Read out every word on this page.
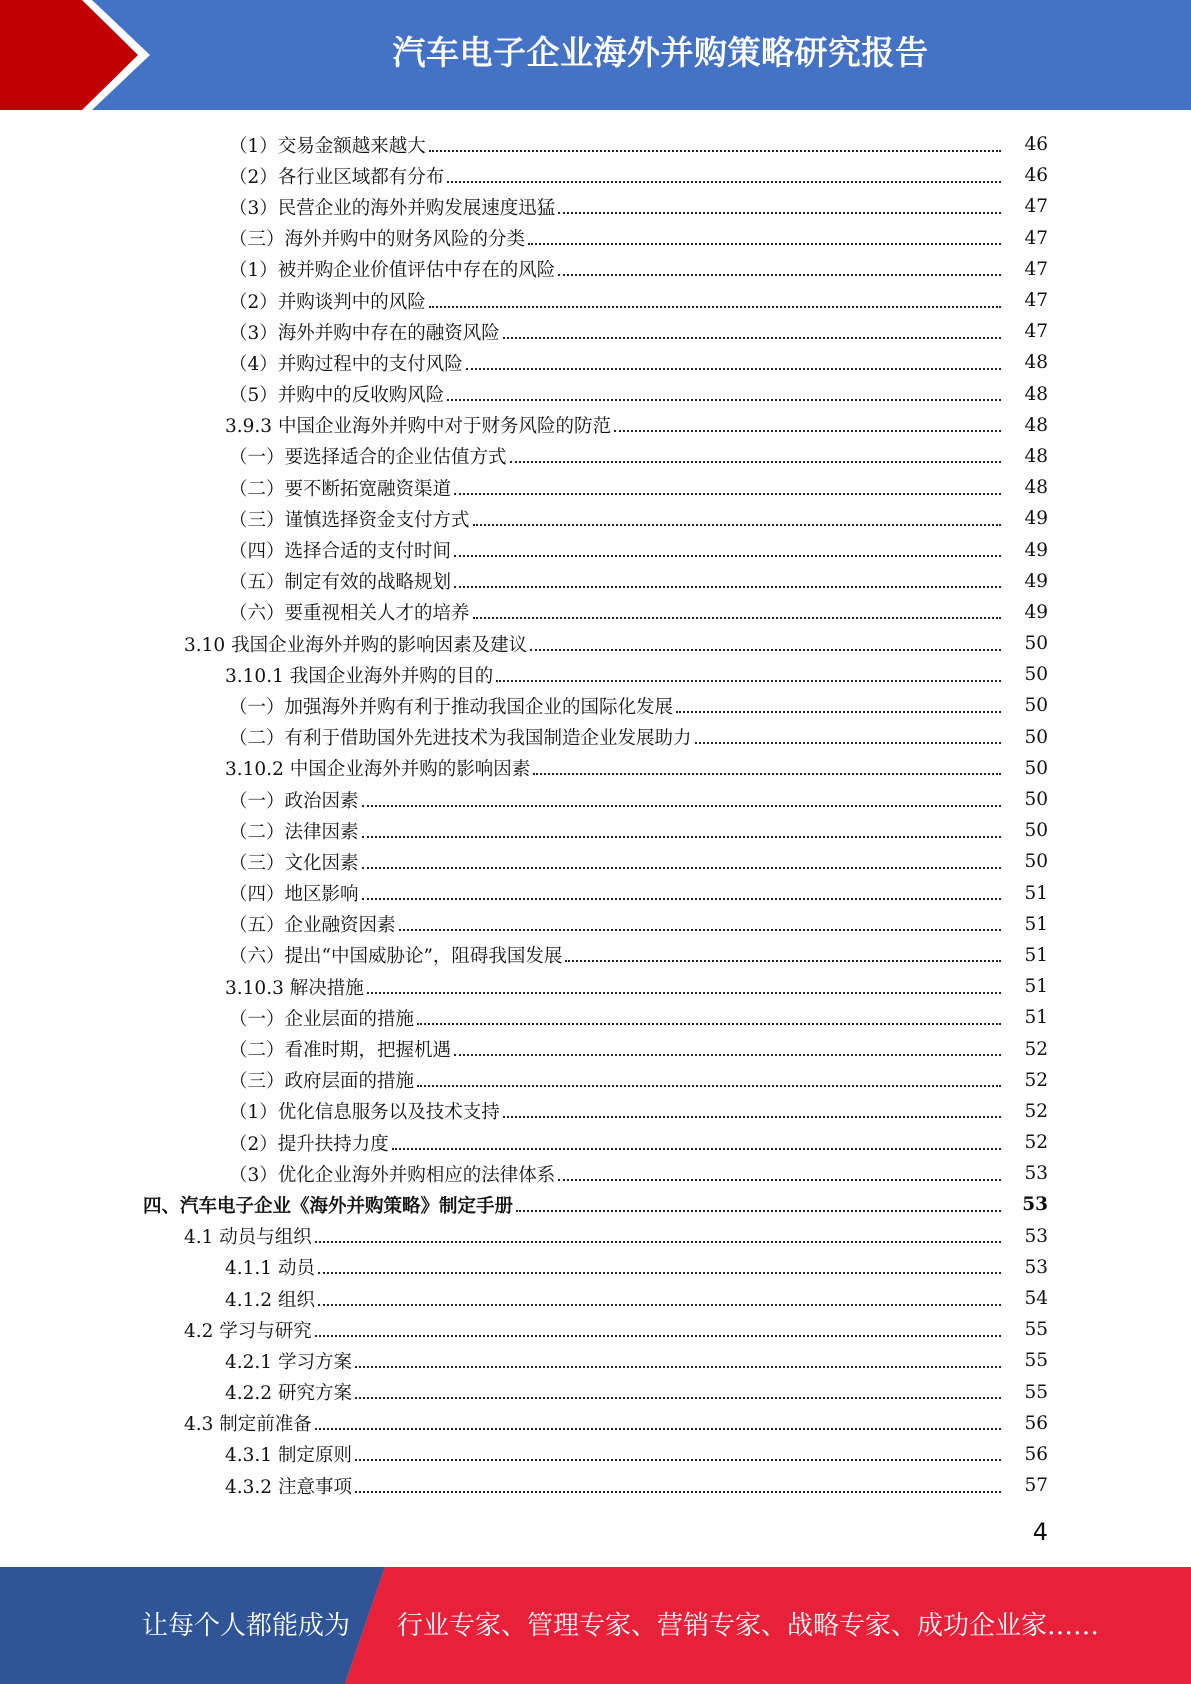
汽车电子企业海外并购策略研究报告
（1）交易金额越来越大	46
（2）各行业区域都有分布	46
（3）民营企业的海外并购发展速度迅猛	47
（三）海外并购中的财务风险的分类	47
（1）被并购企业价值评估中存在的风险	47
（2）并购谈判中的风险	47
（3）海外并购中存在的融资风险	47
（4）并购过程中的支付风险	48
（5）并购中的反收购风险	48
3.9.3 中国企业海外并购中对于财务风险的防范	48
（一）要选择适合的企业估值方式	48
（二）要不断拓宽融资渠道	48
（三）谨慎选择资金支付方式	49
（四）选择合适的支付时间	49
（五）制定有效的战略规划	49
（六）要重视相关人才的培养	49
3.10 我国企业海外并购的影响因素及建议	50
3.10.1 我国企业海外并购的目的	50
（一）加强海外并购有利于推动我国企业的国际化发展	50
（二）有利于借助国外先进技术为我国制造企业发展助力	50
3.10.2 中国企业海外并购的影响因素	50
（一）政治因素	50
（二）法律因素	50
（三）文化因素	50
（四）地区影响	51
（五）企业融资因素	51
（六）提出“中国威胁论”，阻碍我国发展	51
3.10.3 解决措施	51
（一）企业层面的措施	51
（二）看准时期，把握机遇	52
（三）政府层面的措施	52
（1）优化信息服务以及技术支持	52
（2）提升扶持力度	52
（3）优化企业海外并购相应的法律体系	53
四、汽车电子企业《海外并购策略》制定手册	53
4.1 动员与组织	53
4.1.1 动员	53
4.1.2 组织	54
4.2 学习与研究	55
4.2.1 学习方案	55
4.2.2 研究方案	55
4.3 制定前准备	56
4.3.1 制定原则	56
4.3.2 注意事项	57
4
让每个人都能成为 行业专家、管理专家、营销专家、战略专家、成功企业家……
